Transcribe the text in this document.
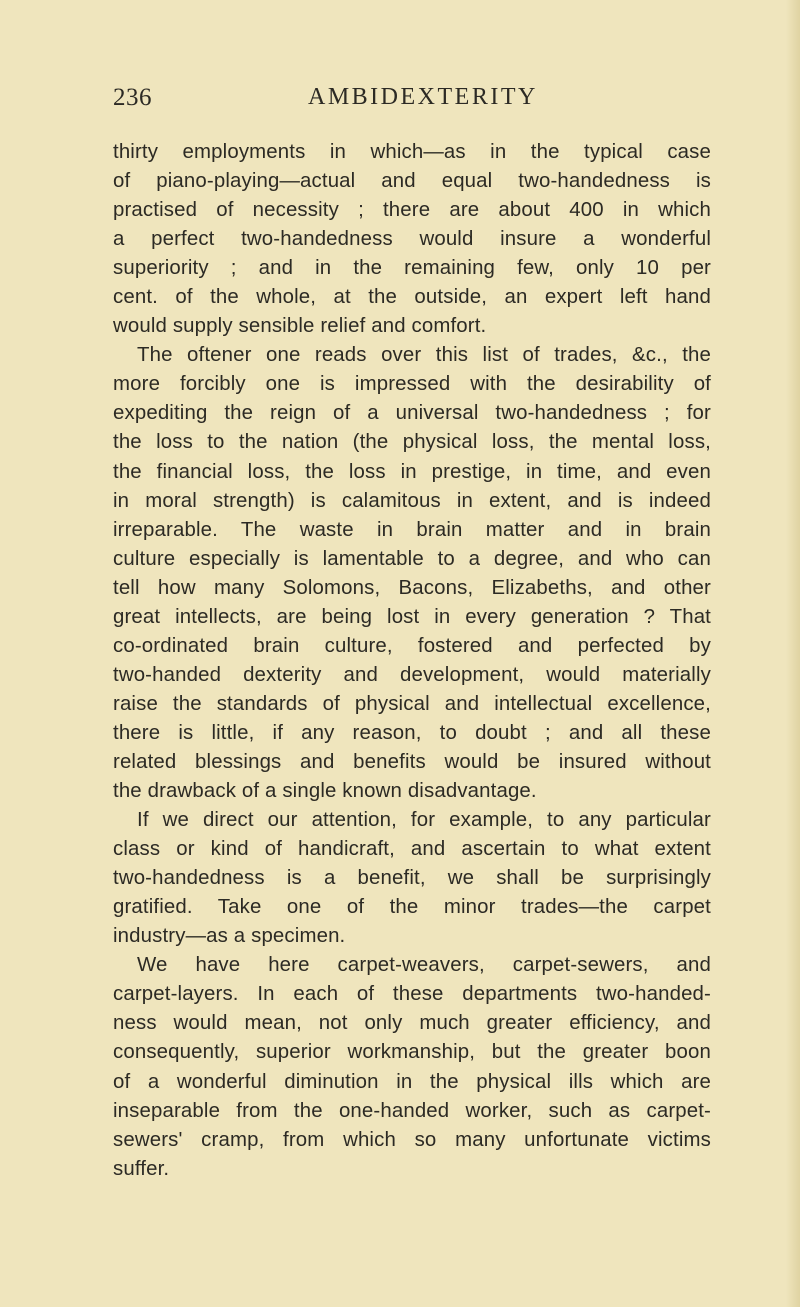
236	AMBIDEXTERITY
thirty employments in which—as in the typical case
of piano-playing—actual and equal two-handedness is
practised of necessity ; there are about 400 in which
a perfect two-handedness would insure a wonderful
superiority ; and in the remaining few, only 10 per
cent. of the whole, at the outside, an expert left hand
would supply sensible relief and comfort.
The oftener one reads over this list of trades, &c., the
more forcibly one is impressed with the desirability of
expediting the reign of a universal two-handedness ; for
the loss to the nation (the physical loss, the mental loss,
the financial loss, the loss in prestige, in time, and even
in moral strength) is calamitous in extent, and is indeed
irreparable. The waste in brain matter and in brain
culture especially is lamentable to a degree, and who can
tell how many Solomons, Bacons, Elizabeths, and other
great intellects, are being lost in every generation ? That
co-ordinated brain culture, fostered and perfected by
two-handed dexterity and development, would materially
raise the standards of physical and intellectual excellence,
there is little, if any reason, to doubt ; and all these
related blessings and benefits would be insured without
the drawback of a single known disadvantage.
If we direct our attention, for example, to any particular
class or kind of handicraft, and ascertain to what extent
two-handedness is a benefit, we shall be surprisingly
gratified. Take one of the minor trades—the carpet
industry—as a specimen.
We have here carpet-weavers, carpet-sewers, and
carpet-layers. In each of these departments two-handed-
ness would mean, not only much greater efficiency, and
consequently, superior workmanship, but the greater boon
of a wonderful diminution in the physical ills which are
inseparable from the one-handed worker, such as carpet-
sewers' cramp, from which so many unfortunate victims
suffer.
